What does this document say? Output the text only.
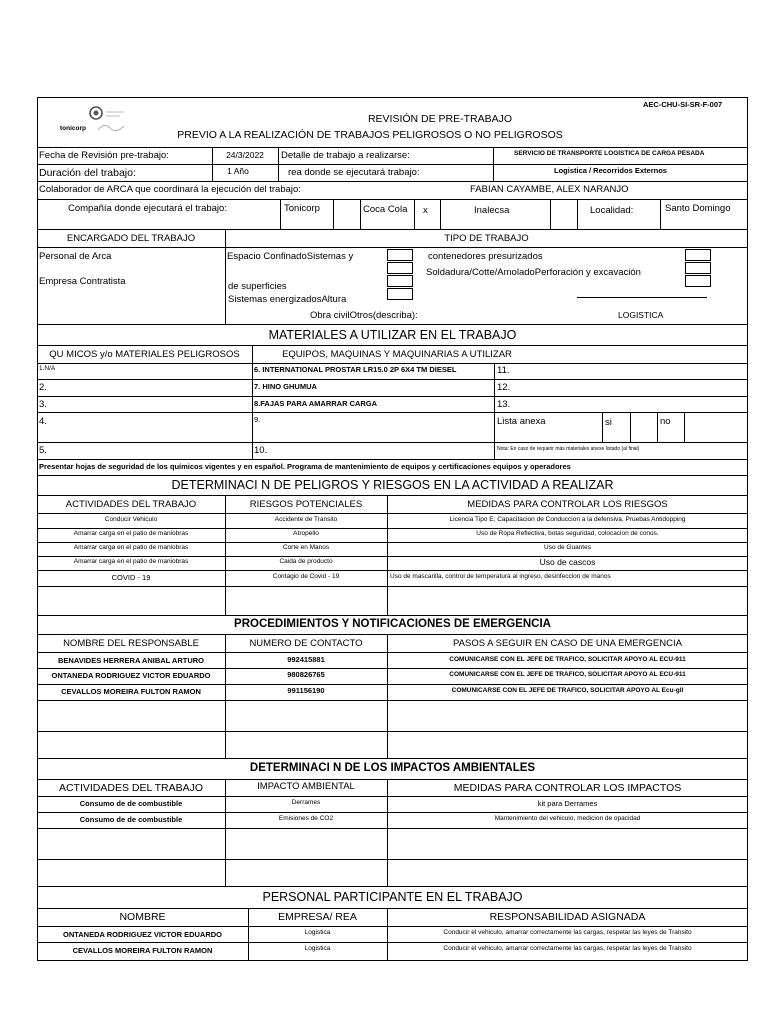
tonicorp
AEC-CHU-SI-SR-F-007
REVISIÓN DE PRE-TRABAJO
PREVIO A LA REALIZACIÓN DE TRABAJOS PELIGROSOS O NO PELIGROSOS
Fecha de Revisión pre-trabajo:	24/3/2022	Detalle de trabajo a realizarse:	SERVICIO DE TRANSPORTE LOGISTICA DE CARGA PESADA
Duración del trabajo:	1 Año	rea donde se ejecutará trabajo:	Logistica / Recorridos Externos
Colaborador de ARCA que coordinará la ejecución del trabajo:	FABIAN CAYAMBE, ALEX NARANJO
Compañía donde ejecutará el trabajo:	Tonicorp	Coca Cola x	Inalecsa	Localidad:	Santo Domingo
ENCARGADO DEL TRABAJO	TIPO DE TRABAJO
Personal de Arca
Empresa Contratista
Espacio ConfinadoSistemas y	contenedores presurizados
Soldadura/Cotte/AmoladoPerforación y excavación
de superficies
Sistemas energizadosAltura
Obra civilOtros(describa):	LOGISTICA
MATERIALES A UTILIZAR EN EL TRABAJO
QU MICOS y/o MATERIALES PELIGROSOS	EQUIPOS, MAQUINAS Y MAQUINARIAS A UTILIZAR
1.N/A	6. INTERNATIONAL PROSTAR LR15.0 2P 6X4 TM DIESEL	11.
2.	7. HINO GHUMUA	12.
3.	8.FAJAS PARA AMARRAR CARGA	13.
4.	9.	Lista anexa	si	no
5.	10.	Nota: En caso de requerir más materiales anexe listado (al final)
Presentar hojas de seguridad de los químicos vigentes y en español. Programa de mantenimiento de equipos y certificaciones equipos y operadores
DETERMINACI N DE PELIGROS Y RIESGOS EN LA ACTIVIDAD A REALIZAR
ACTIVIDADES DEL TRABAJO	RIESGOS POTENCIALES	MEDIDAS PARA CONTROLAR LOS RIESGOS
Conducir Vehiculo	Accidente de Transito	Licencia Tipo E; Capacitacion de Conduccion a la defensiva, Pruebas Antidopping
Amarrar carga en el patio de maniobras	Atropello	Uso de Ropa Reflectiva, botas seguridad, colocacion de conos.
Amarrar carga en el patio de maniobras	Corte en Manos	Uso de Guantes
Amarrar carga en el patio de maniobras	Caida de producto	Uso de cascos
COVID - 19	Contagio de Covid - 19	Uso de mascarilla, control de temperatura al ingreso, desinfeccion de manos
PROCEDIMIENTOS Y NOTIFICACIONES DE EMERGENCIA
NOMBRE DEL RESPONSABLE	NUMERO DE CONTACTO	PASOS A SEGUIR EN CASO DE UNA EMERGENCIA
BENAVIDES HERRERA ANIBAL ARTURO	992415881	COMUNICARSE CON EL JEFE DE TRAFICO, SOLICITAR APOYO AL ECU-911
ONTANEDA RODRIGUEZ VICTOR EDUARDO	980826765	COMUNICARSE CON EL JEFE DE TRAFICO, SOLICITAR APOYO AL ECU-911
CEVALLOS MOREIRA FULTON RAMON	991156190	COMUNICARSE CON EL JEFE DE TRAFICO, SOLICITAR APOYO AL Ecu-gll
DETERMINACI N DE LOS IMPACTOS AMBIENTALES
ACTIVIDADES DEL TRABAJO	IMPACTO AMBIENTAL	MEDIDAS PARA CONTROLAR LOS IMPACTOS
Consumo de de combustible	Derrames	kit para Derrames
Consumo de de combustible	Emisiones de CO2	Mantenimiento del vehiculo, medicion de opacidad
PERSONAL PARTICIPANTE EN EL TRABAJO
NOMBRE	EMPRESA/ REA	RESPONSABILIDAD ASIGNADA
ONTANEDA RODRIGUEZ VICTOR EDUARDO	Logistica	Conducir el vehiculo, amarrar correctamente las cargas, respetar las leyes de Transito
CEVALLOS MOREIRA FULTON RAMON	Logistica	Conducir el vehiculo, amarrar correctamente las cargas, respetar las leyes de Transito
